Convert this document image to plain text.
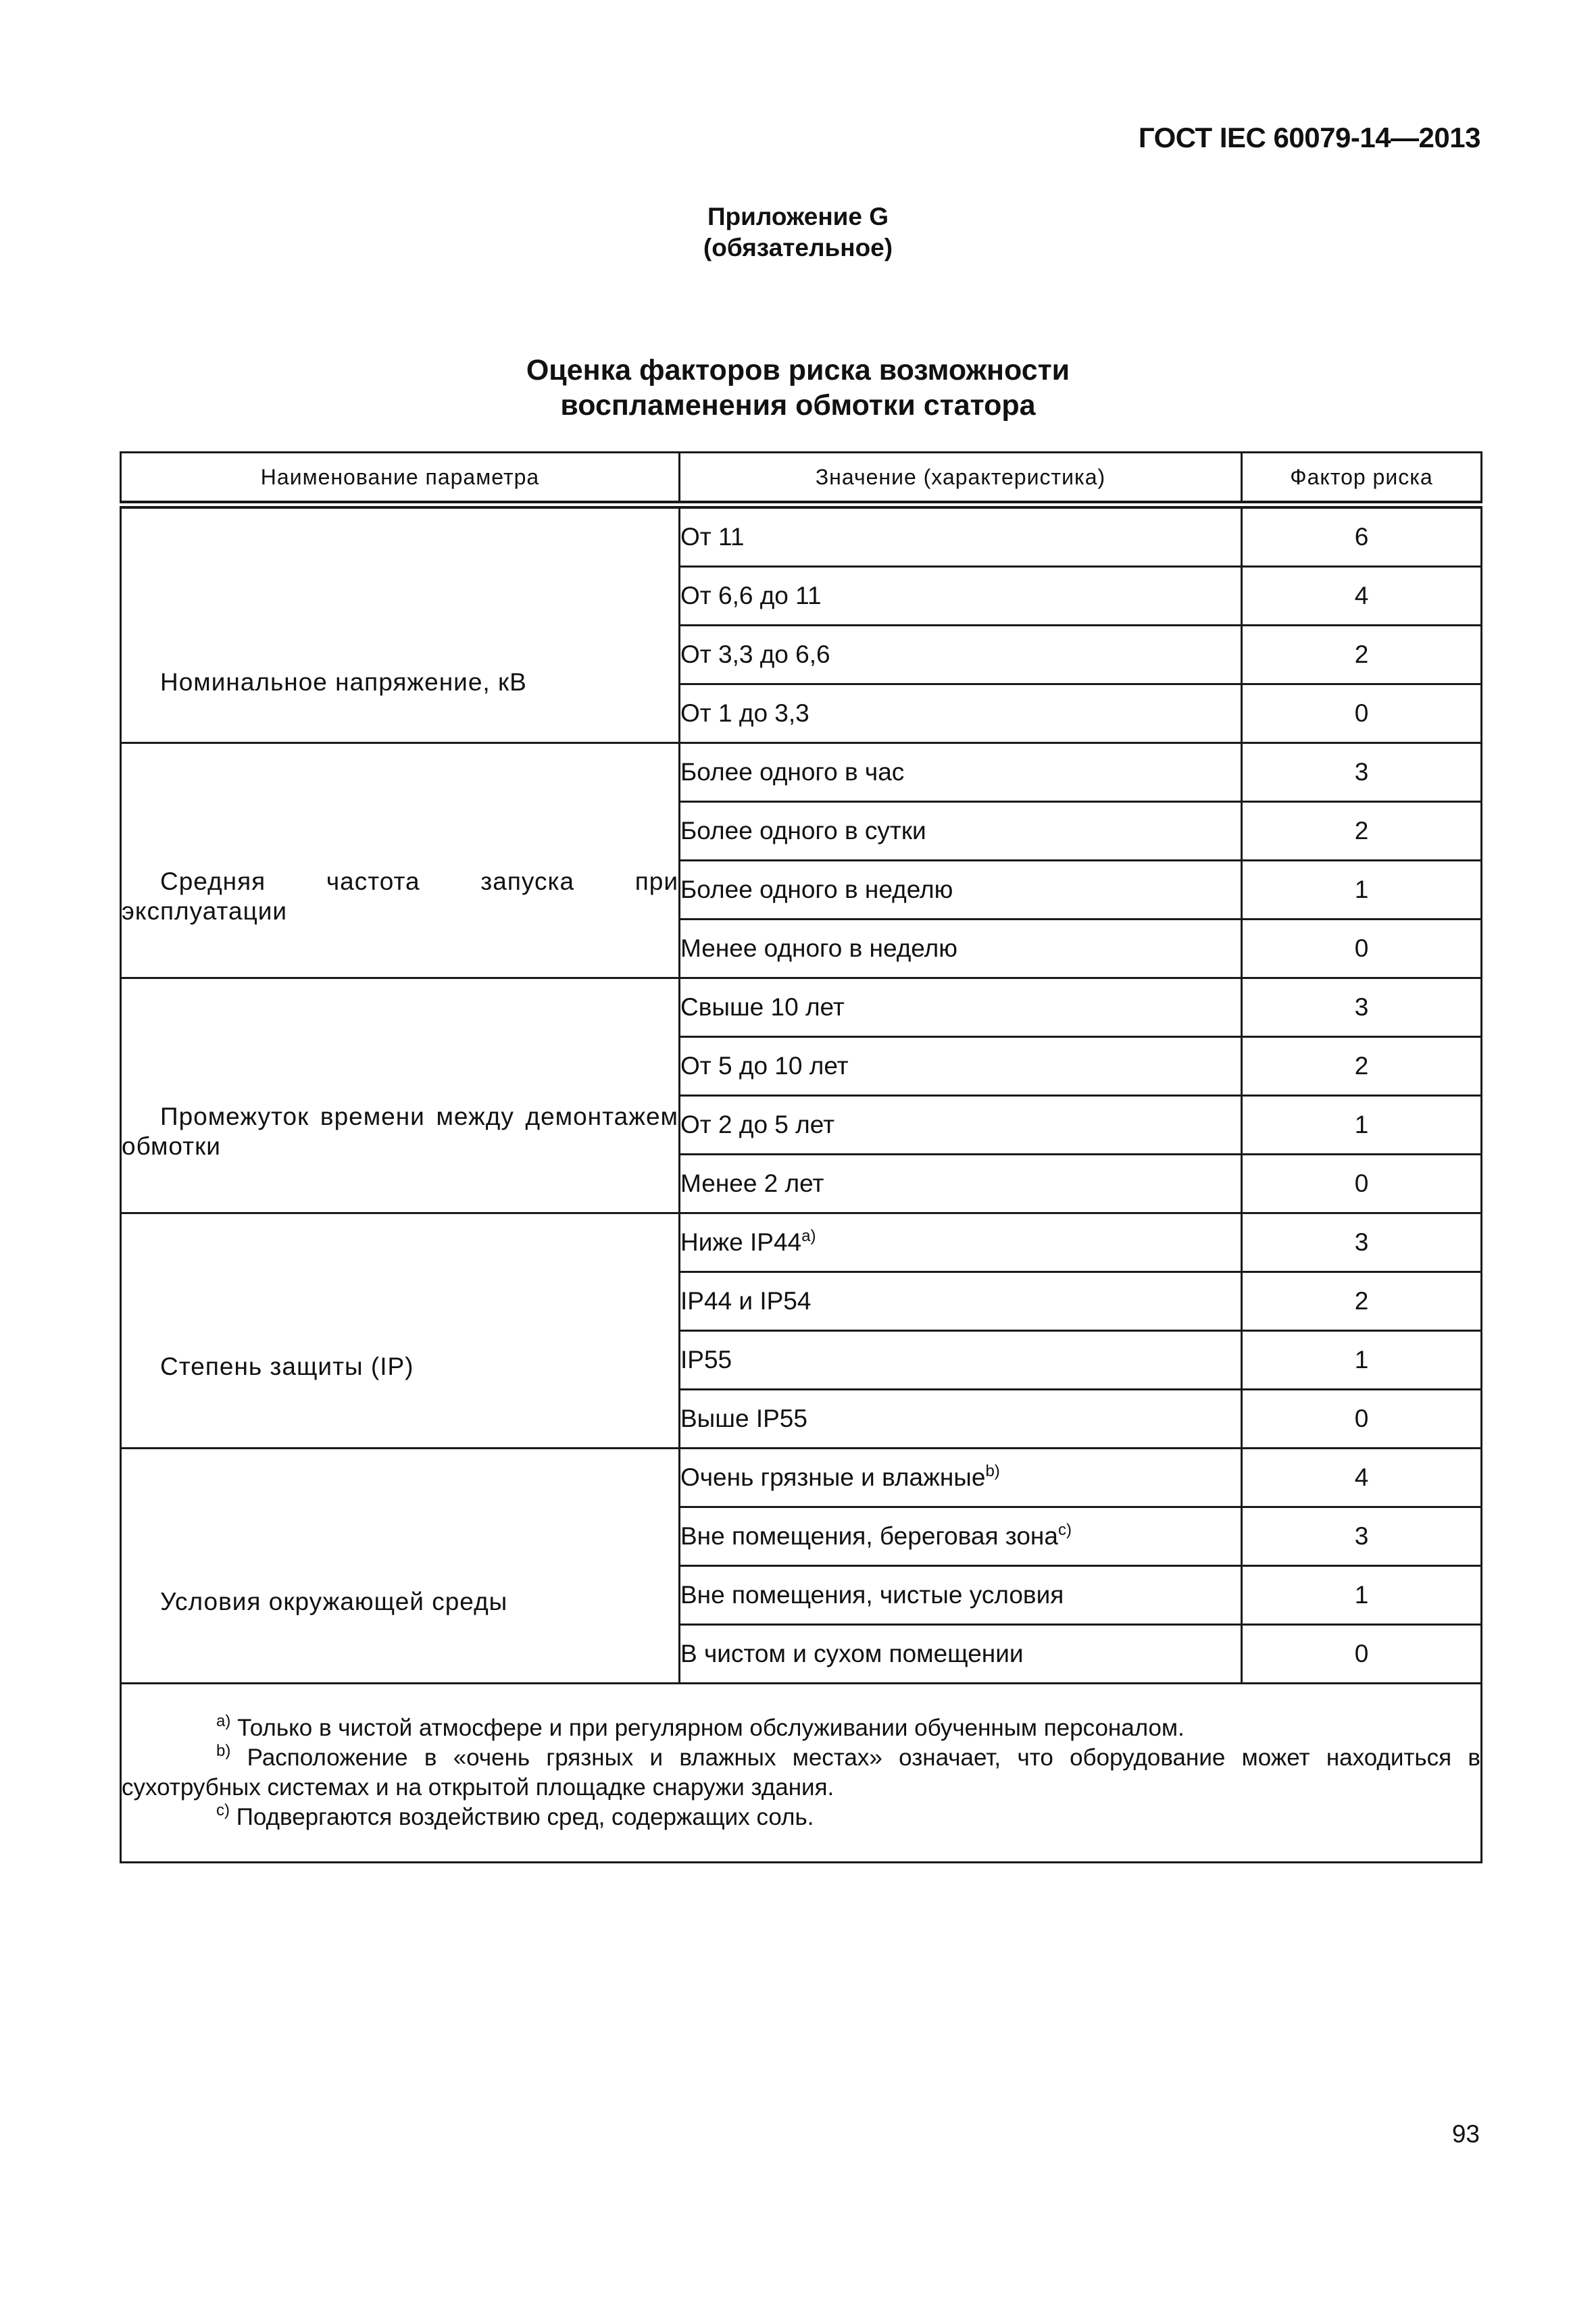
ГОСТ IEC 60079-14—2013
Приложение G
(обязательное)
Оценка факторов риска возможности
воспламенения обмотки статора
Наименование параметра	Значение (характеристика)	Фактор риска

Номинальное напряжение, кВ	От 11	6
	От 6,6 до 11	4
	От 3,3 до 6,6	2
	От 1 до 3,3	0

Средняя частота запуска при эксплуатации	Более одного в час	3
	Более одного в сутки	2
	Более одного в неделю	1
	Менее одного в неделю	0

Промежуток времени между демонтажем обмотки	Свыше 10 лет	3
	От 5 до 10 лет	2
	От 2 до 5 лет	1
	Менее 2 лет	0

Степень защиты (IP)	Ниже IP44$^{a)}$	3
	IP44 и IP54	2
	IP55	1
	Выше IP55	0

Условия окружающей среды	Очень грязные и влажные$^{b)}$	4
	Вне помещения, береговая зона$^{c)}$	3
	Вне помещения, чистые условия	1
	В чистом и сухом помещении	0

$^{a)}$ Только в чистой атмосфере и при регулярном обслуживании обученным персоналом.
$^{b)}$ Расположение в «очень грязных и влажных местах» означает, что оборудование может находиться в сухотрубных системах и на открытой площадке снаружи здания.
$^{c)}$ Подвергаются воздействию сред, содержащих соль.		
93
